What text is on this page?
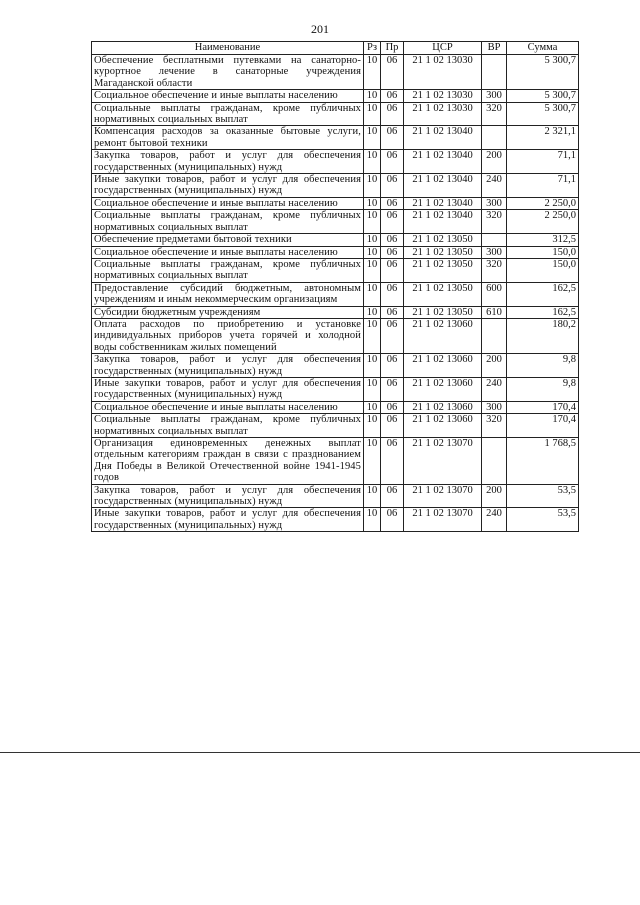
201
Наименование	Рз	Пр	ЦСР	ВР	Сумма
Обеспечение бесплатными путевками на санаторно-курортное лечение в санаторные учреждения Магаданской области	10	06	21 1 02 13030		5 300,7
Социальное обеспечение и иные выплаты населению	10	06	21 1 02 13030	300	5 300,7
Социальные выплаты гражданам, кроме публичных нормативных социальных выплат	10	06	21 1 02 13030	320	5 300,7
Компенсация расходов за оказанные бытовые услуги, ремонт бытовой техники	10	06	21 1 02 13040		2 321,1
Закупка товаров, работ и услуг для обеспечения государственных (муниципальных) нужд	10	06	21 1 02 13040	200	71,1
Иные закупки товаров, работ и услуг для обеспечения государственных (муниципальных) нужд	10	06	21 1 02 13040	240	71,1
Социальное обеспечение и иные выплаты населению	10	06	21 1 02 13040	300	2 250,0
Социальные выплаты гражданам, кроме публичных нормативных социальных выплат	10	06	21 1 02 13040	320	2 250,0
Обеспечение предметами бытовой техники	10	06	21 1 02 13050		312,5
Социальное обеспечение и иные выплаты населению	10	06	21 1 02 13050	300	150,0
Социальные выплаты гражданам, кроме публичных нормативных социальных выплат	10	06	21 1 02 13050	320	150,0
Предоставление субсидий бюджетным, автономным учреждениям и иным некоммерческим организациям	10	06	21 1 02 13050	600	162,5
Субсидии бюджетным учреждениям	10	06	21 1 02 13050	610	162,5
Оплата расходов по приобретению и установке индивидуальных приборов учета горячей и холодной воды собственникам жилых помещений	10	06	21 1 02 13060		180,2
Закупка товаров, работ и услуг для обеспечения государственных (муниципальных) нужд	10	06	21 1 02 13060	200	9,8
Иные закупки товаров, работ и услуг для обеспечения государственных (муниципальных) нужд	10	06	21 1 02 13060	240	9,8
Социальное обеспечение и иные выплаты населению	10	06	21 1 02 13060	300	170,4
Социальные выплаты гражданам, кроме публичных нормативных социальных выплат	10	06	21 1 02 13060	320	170,4
Организация единовременных денежных выплат отдельным категориям граждан в связи с празднованием Дня Победы в Великой Отечественной войне 1941-1945 годов	10	06	21 1 02 13070		1 768,5
Закупка товаров, работ и услуг для обеспечения государственных (муниципальных) нужд	10	06	21 1 02 13070	200	53,5
Иные закупки товаров, работ и услуг для обеспечения государственных (муниципальных) нужд	10	06	21 1 02 13070	240	53,5
